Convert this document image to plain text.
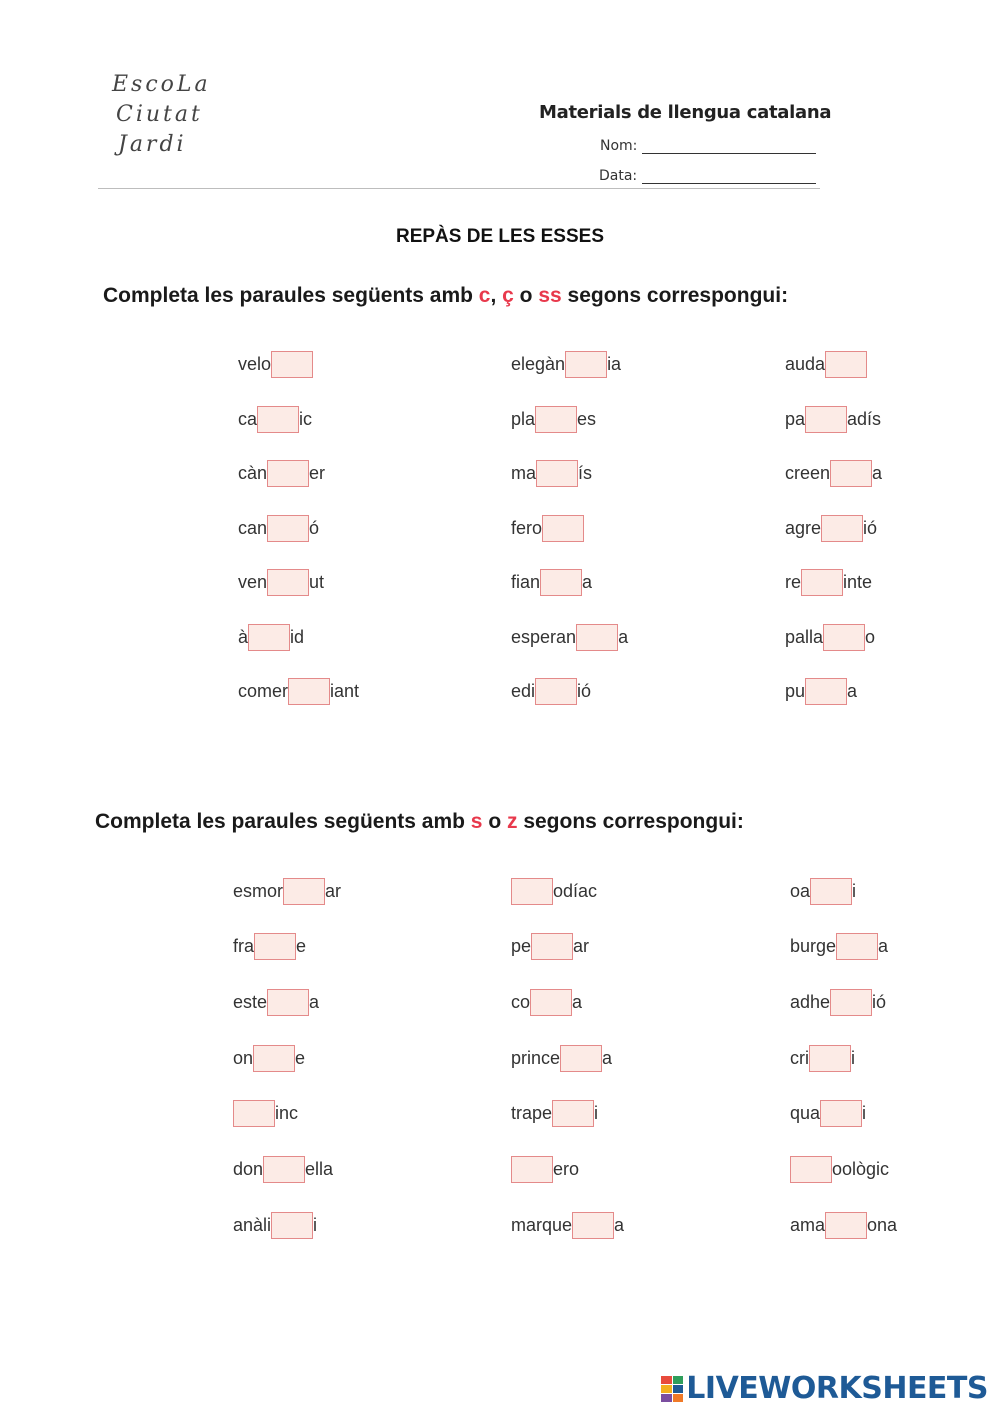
EscoLa
Ciutat
Jardi
Materials de llengua catalana
Nom:
Data:
REPÀS DE LES ESSES
Completa les paraules següents amb c, ç o ss segons correspongui:
Completa les paraules següents amb s o z segons correspongui:
velo	elegàn ia	auda
ca ic	pla es	pa adís
càn er	ma ís	creen a
can ó	fero	agre ió
ven ut	fian a	re inte
à id	esperan a	palla o
comer iant	edi ió	pu a
esmor ar	odíac	oa i
fra e	pe ar	burge a
este a	co a	adhe ió
on e	prince a	cri i
inc	trape i	qua i
don ella	ero	oològic
anàli i	marque a	ama ona
LIVEWORKSHEETS
